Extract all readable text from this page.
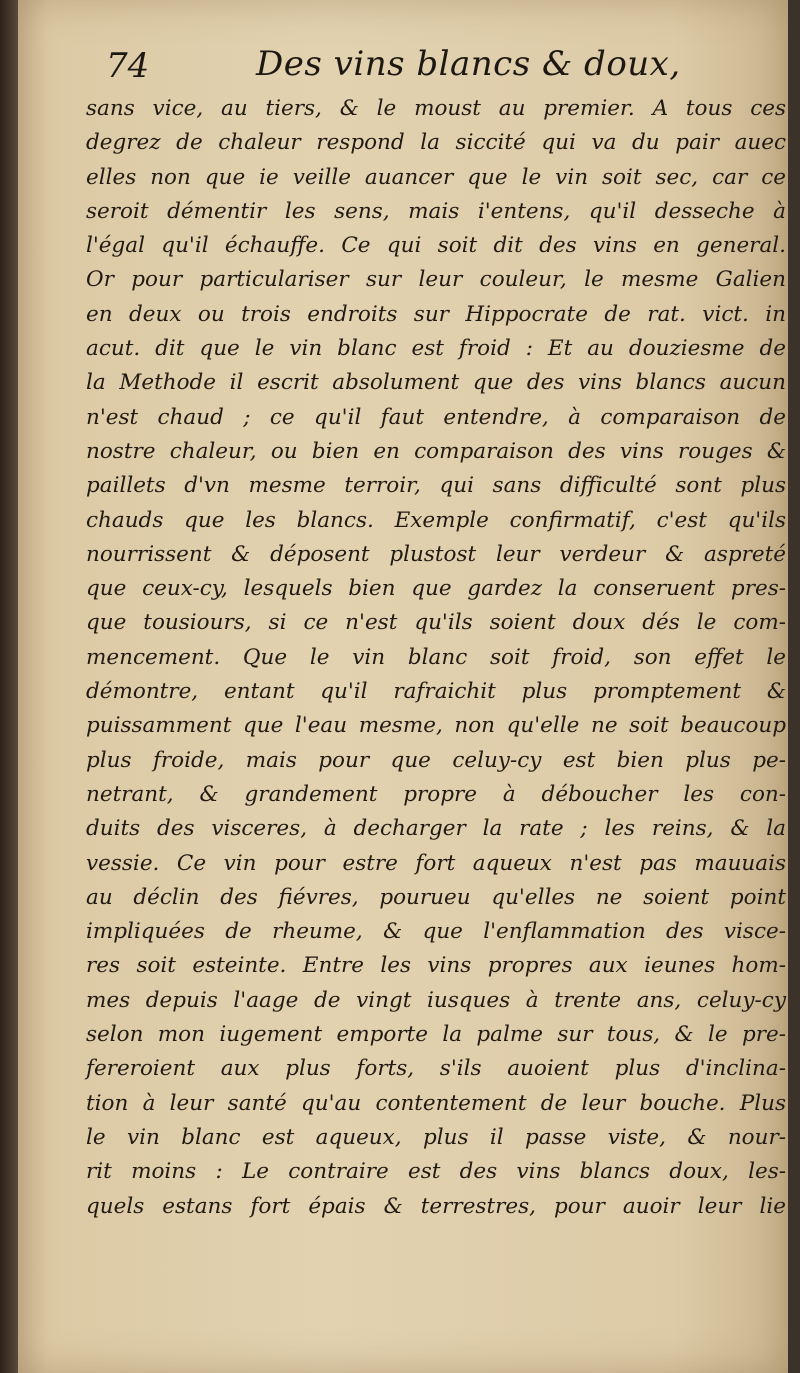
74	Des vins blancs & doux,
sans vice, au tiers, & le moust au premier. A tous ces
degrez de chaleur respond la siccité qui va du pair auec
elles non que ie veille auancer que le vin soit sec, car ce
seroit démentir les sens, mais i'entens, qu'il desseche à
l'égal qu'il échauffe. Ce qui soit dit des vins en general.
Or pour particulariser sur leur couleur, le mesme Galien
en deux ou trois endroits sur Hippocrate de rat. vict. in
acut. dit que le vin blanc est froid : Et au douziesme de
la Methode il escrit absolument que des vins blancs aucun
n'est chaud ; ce qu'il faut entendre, à comparaison de
nostre chaleur, ou bien en comparaison des vins rouges &
paillets d'vn mesme terroir, qui sans difficulté sont plus
chauds que les blancs. Exemple confirmatif, c'est qu'ils
nourrissent & déposent plustost leur verdeur & aspreté
que ceux-cy, lesquels bien que gardez la conseruent pres-
que tousiours, si ce n'est qu'ils soient doux dés le com-
mencement. Que le vin blanc soit froid, son effet le
démontre, entant qu'il rafraichit plus promptement &
puissamment que l'eau mesme, non qu'elle ne soit beaucoup
plus froide, mais pour que celuy-cy est bien plus pe-
netrant, & grandement propre à déboucher les con-
duits des visceres, à decharger la rate ; les reins, & la
vessie. Ce vin pour estre fort aqueux n'est pas mauuais
au déclin des fiévres, pourueu qu'elles ne soient point
impliquées de rheume, & que l'enflammation des visce-
res soit esteinte. Entre les vins propres aux ieunes hom-
mes depuis l'aage de vingt iusques à trente ans, celuy-cy
selon mon iugement emporte la palme sur tous, & le pre-
fereroient aux plus forts, s'ils auoient plus d'inclina-
tion à leur santé qu'au contentement de leur bouche. Plus
le vin blanc est aqueux, plus il passe viste, & nour-
rit moins : Le contraire est des vins blancs doux, les-
quels estans fort épais & terrestres, pour auoir leur lie
